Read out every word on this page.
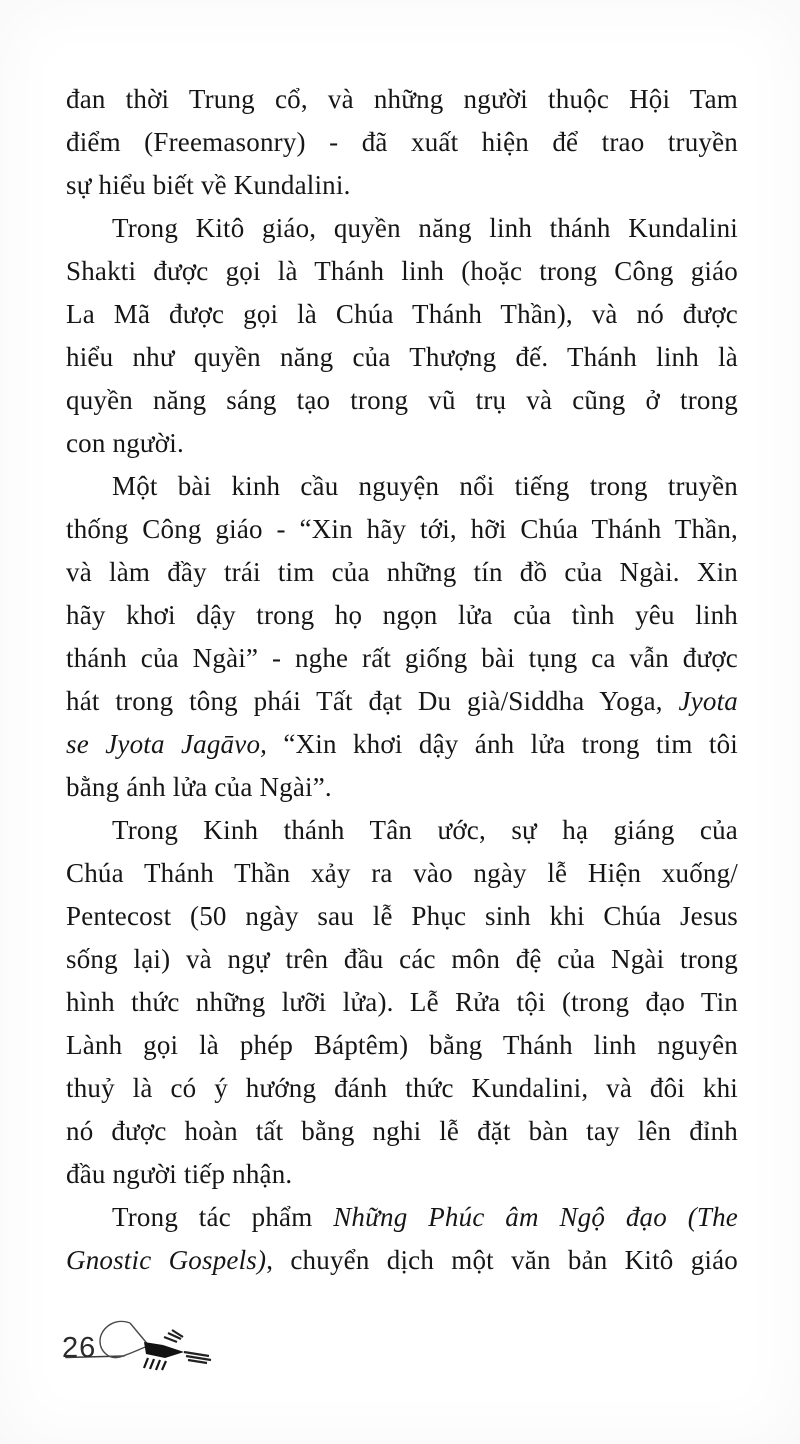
đan thời Trung cổ, và những người thuộc Hội Tam
điểm (Freemasonry) - đã xuất hiện để trao truyền
sự hiểu biết về Kundalini.
Trong Kitô giáo, quyền năng linh thánh Kundalini
Shakti được gọi là Thánh linh (hoặc trong Công giáo
La Mã được gọi là Chúa Thánh Thần), và nó được
hiểu như quyền năng của Thượng đế. Thánh linh là
quyền năng sáng tạo trong vũ trụ và cũng ở trong
con người.
Một bài kinh cầu nguyện nổi tiếng trong truyền
thống Công giáo - “Xin hãy tới, hỡi Chúa Thánh Thần,
và làm đầy trái tim của những tín đồ của Ngài. Xin
hãy khơi dậy trong họ ngọn lửa của tình yêu linh
thánh của Ngài” - nghe rất giống bài tụng ca vẫn được
hát trong tông phái Tất đạt Du già/Siddha Yoga, Jyota
se Jyota Jagāvo, “Xin khơi dậy ánh lửa trong tim tôi
bằng ánh lửa của Ngài”.
Trong Kinh thánh Tân ước, sự hạ giáng của
Chúa Thánh Thần xảy ra vào ngày lễ Hiện xuống/
Pentecost (50 ngày sau lễ Phục sinh khi Chúa Jesus
sống lại) và ngự trên đầu các môn đệ của Ngài trong
hình thức những lưỡi lửa). Lễ Rửa tội (trong đạo Tin
Lành gọi là phép Báptêm) bằng Thánh linh nguyên
thuỷ là có ý hướng đánh thức Kundalini, và đôi khi
nó được hoàn tất bằng nghi lễ đặt bàn tay lên đỉnh
đầu người tiếp nhận.
Trong tác phẩm Những Phúc âm Ngộ đạo (The
Gnostic Gospels), chuyển dịch một văn bản Kitô giáo
26
